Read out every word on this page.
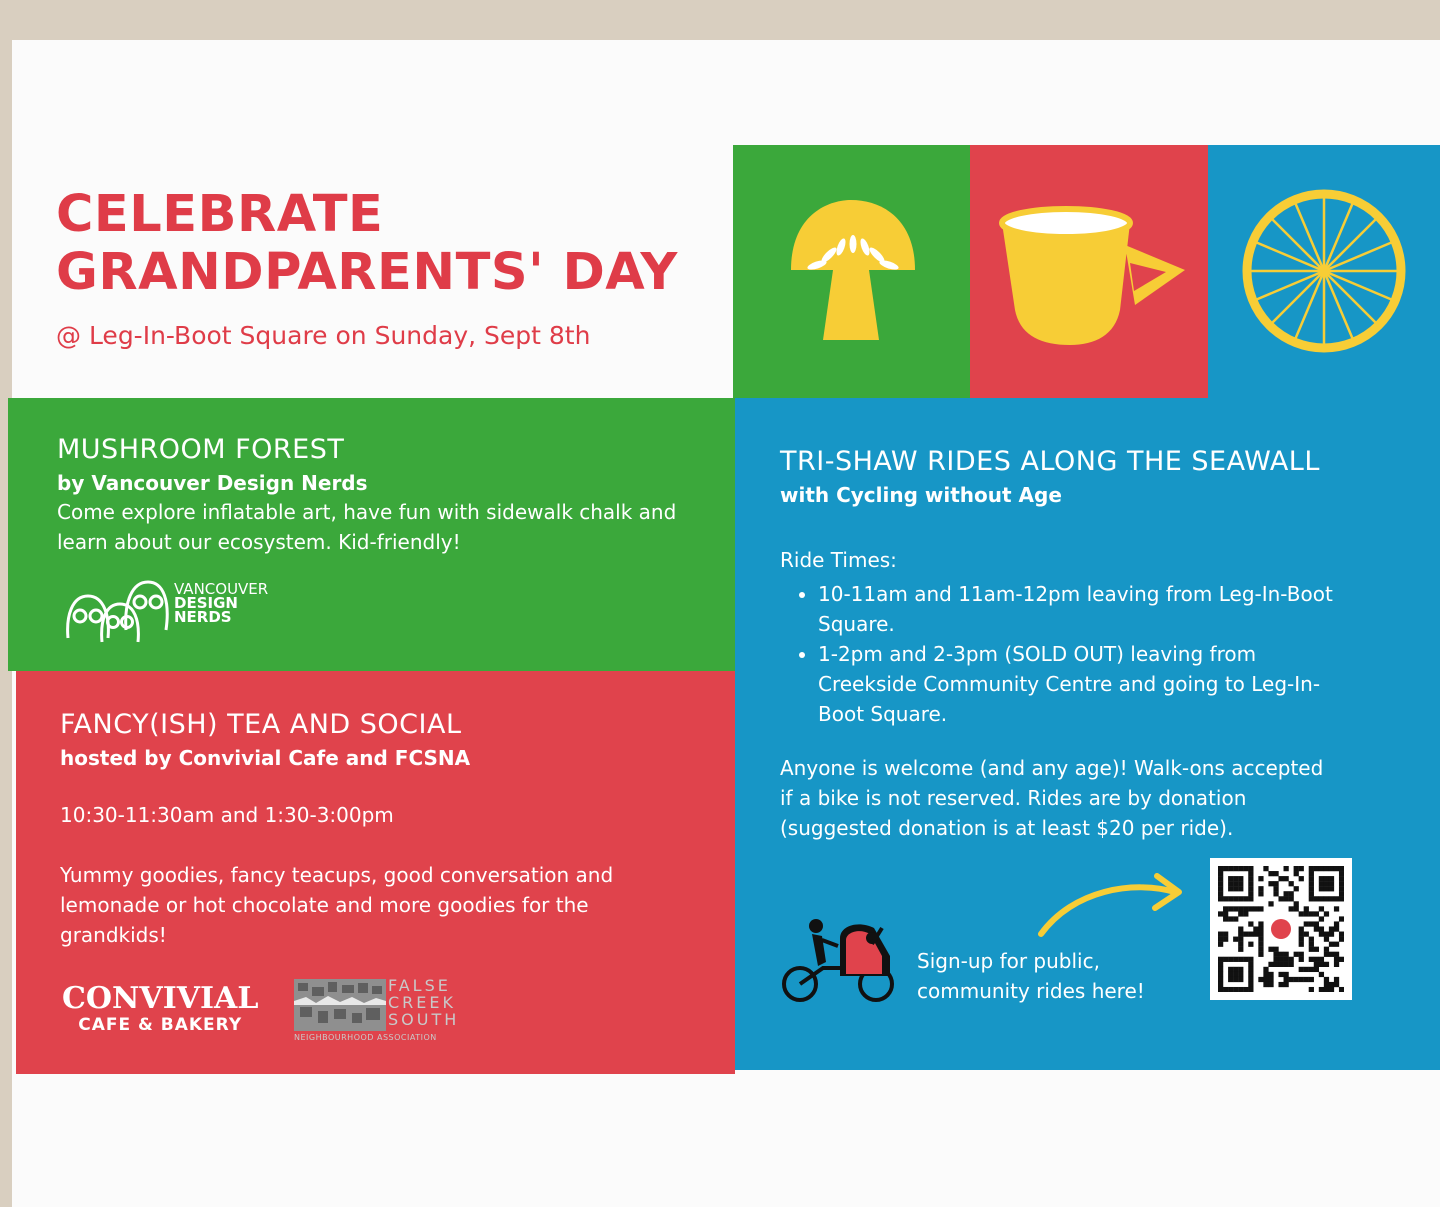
CELEBRATE
GRANDPARENTS' DAY

@ Leg-In-Boot Square on Sunday, Sept 8th

MUSHROOM FOREST
by Vancouver Design Nerds

Come explore inflatable art, have fun with sidewalk chalk and learn about our ecosystem. Kid-friendly!

VANCOUVER
DESIGN
NERDS
FANCY(ISH) TEA AND SOCIAL
hosted by Convivial Cafe and FCSNA

10:30-11:30am and 1:30-3:00pm

Yummy goodies, fancy teacups, good conversation and lemonade or hot chocolate and more goodies for the grandkids!

CONVIVIAL
CAFE & BAKERY
FALSE
CREEK
SOUTH
NEIGHBOURHOOD ASSOCIATION
TRI-SHAW RIDES ALONG THE SEAWALL
with Cycling without Age

Ride Times:

• 10-11am and 11am-12pm leaving from Leg-In-Boot Square.
• 1-2pm and 2-3pm (SOLD OUT) leaving from Creekside Community Centre and going to Leg-In-Boot Square.

Anyone is welcome (and any age)! Walk-ons accepted if a bike is not reserved. Rides are by donation (suggested donation is at least $20 per ride).

Sign-up for public, community rides here!
